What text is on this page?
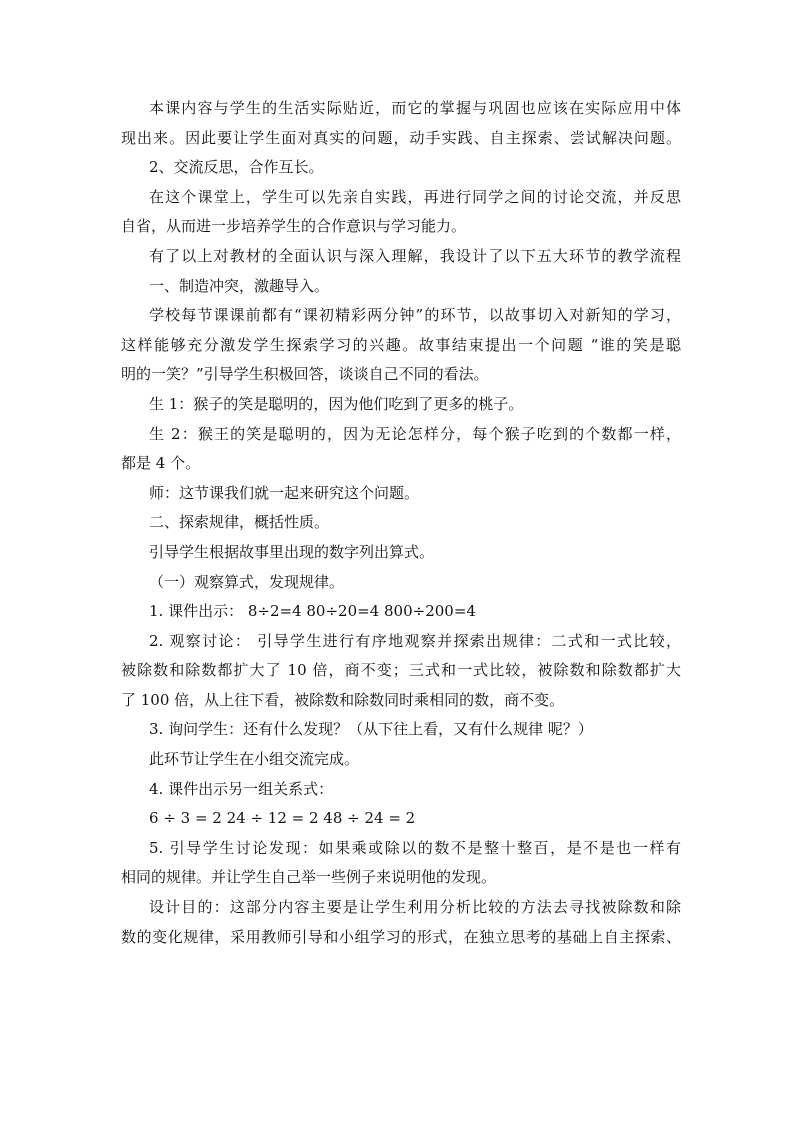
本课内容与学生的生活实际贴近，而它的掌握与巩固也应该在实际应用中体
现出来。因此要让学生面对真实的问题，动手实践、自主探索、尝试解决问题。
2、交流反思，合作互长。
在这个课堂上，学生可以先亲自实践，再进行同学之间的讨论交流，并反思
自省，从而进一步培养学生的合作意识与学习能力。
有了以上对教材的全面认识与深入理解，我设计了以下五大环节的教学流程
一、制造冲突，激趣导入。
学校每节课课前都有“课初精彩两分钟”的环节，以故事切入对新知的学习，
这样能够充分激发学生探索学习的兴趣。故事结束提出一个问题 “谁的笑是聪
明的一笑？”引导学生积极回答，谈谈自己不同的看法。
生 1：猴子的笑是聪明的，因为他们吃到了更多的桃子。
生 2：猴王的笑是聪明的，因为无论怎样分，每个猴子吃到的个数都一样，
都是 4 个。
师：这节课我们就一起来研究这个问题。
二、探索规律，概括性质。
引导学生根据故事里出现的数字列出算式。
（一）观察算式，发现规律。
1. 课件出示： 8÷2=4 80÷20=4 800÷200=4
2. 观察讨论： 引导学生进行有序地观察并探索出规律：二式和一式比较，
被除数和除数都扩大了 10 倍，商不变；三式和一式比较，被除数和除数都扩大
了 100 倍，从上往下看，被除数和除数同时乘相同的数，商不变。
3. 询问学生：还有什么发现？（从下往上看，又有什么规律 呢？）
此环节让学生在小组交流完成。
4. 课件出示另一组关系式：
6 ÷ 3 = 2 24 ÷ 12 = 2 48 ÷ 24 = 2
5. 引导学生讨论发现：如果乘或除以的数不是整十整百，是不是也一样有
相同的规律。并让学生自己举一些例子来说明他的发现。
设计目的：这部分内容主要是让学生利用分析比较的方法去寻找被除数和除
数的变化规律，采用教师引导和小组学习的形式，在独立思考的基础上自主探索、
